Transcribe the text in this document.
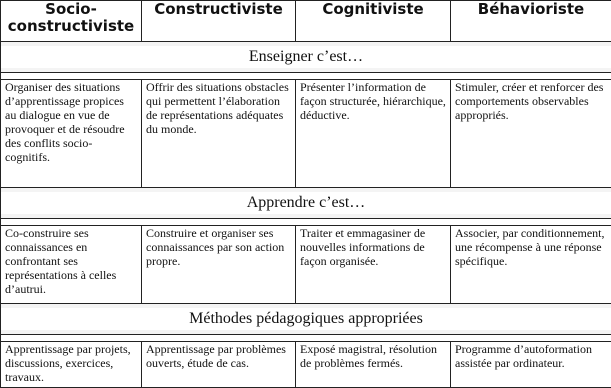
Socio-
constructiviste	Constructiviste	Cognitiviste	Béhavioriste
Enseigner c’est…			

Organiser des situations d’apprentissage propices au dialogue en vue de provoquer et de résoudre des conflits socio-cognitifs.	Offrir des situations obstacles qui permettent l’élaboration de représentations adéquates du monde.	Présenter l’information de façon structurée, hiérarchique, déductive.	Stimuler, créer et renforcer des comportements observables appropriés.
Apprendre c’est…			

Co-construire ses connaissances en confrontant ses représentations à celles d’autrui.	Construire et organiser ses connaissances par son action propre.	Traiter et emmagasiner de nouvelles informations de façon organisée.	Associer, par conditionnement, une récompense à une réponse spécifique.
Méthodes pédagogiques appropriées			

Apprentissage par projets, discussions, exercices, travaux.	Apprentissage par problèmes ouverts, étude de cas.	Exposé magistral, résolution de problèmes fermés.	Programme d’autoformation assistée par ordinateur.
